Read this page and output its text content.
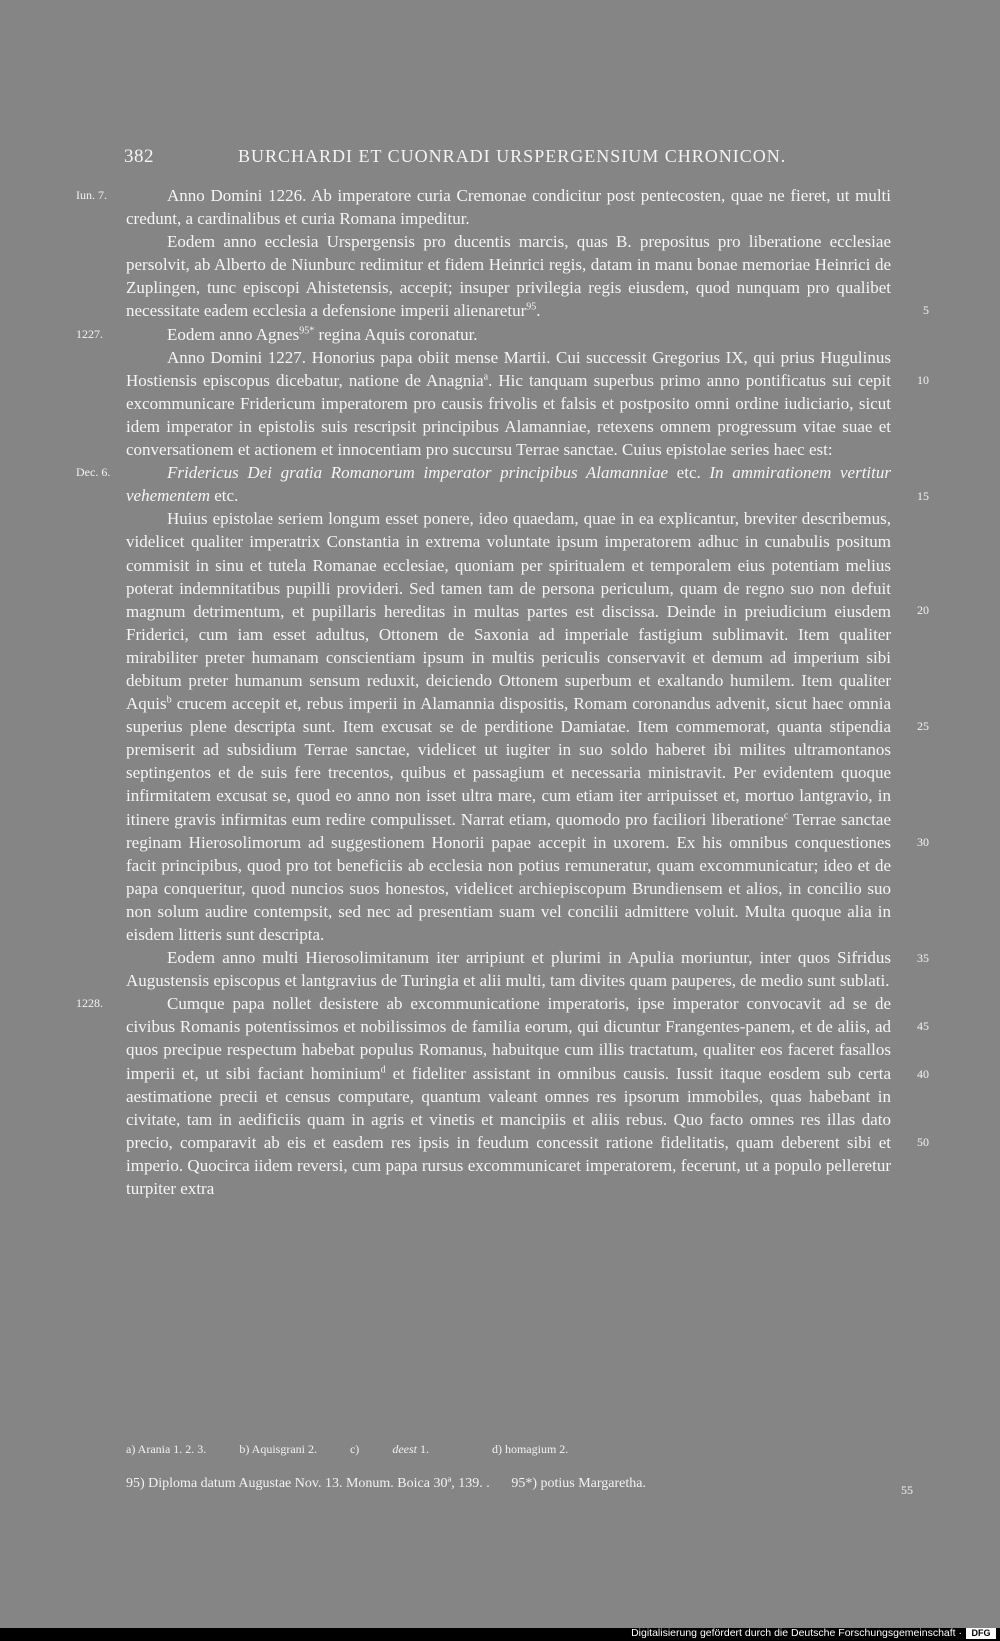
382	BURCHARDI ET CUONRADI URSPERGENSIUM CHRONICON.

Iun. 7.	Anno Domini 1226. Ab imperatore curia Cremonae condicitur post pentecosten, quae ne fieret, ut multi credunt, a cardinalibus et curia Romana impeditur.

Eodem anno ecclesia Urspergensis pro ducentis marcis, quas B. prepositus pro liberatione ecclesiae persolvit, ab Alberto de Niunburc redimitur et fidem Heinrici regis, datam in manu bonae memoriae Heinrici de Zuplingen, tunc episcopi Ahistetensis, accepit;
5
insuper privilegia regis eiusdem, quod nunquam pro qualibet necessitate eadem ecclesia a defensione imperii alienaretur$^{95}$.

1227.	Eodem anno Agnes$^{95*}$ regina Aquis coronatur.

10
15
Anno Domini 1227. Honorius papa obiit mense Martii. Cui successit Gregorius IX, qui prius Hugulinus Hostiensis episcopus dicebatur, natione de Anagnia$^a$. Hic tanquam superbus primo anno pontificatus sui cepit excommunicare Fridericum imperatorem pro causis frivolis et falsis et postposito omni ordine iudiciario, sicut idem imperator in epistolis suis rescripsit principibus Alamanniae, retexens omnem progressum vitae suae et conversationem et actionem et innocentiam pro succursu Terrae sanctae. Cuius epistolae series haec est:

Dec. 6.	Fridericus Dei gratia Romanorum imperator principibus Alamanniae etc. In ammirationem vertitur vehementem etc.

20
25
30
35
40
Huius epistolae seriem longum esset ponere, ideo quaedam, quae in ea explicantur, breviter describemus, videlicet qualiter imperatrix Constantia in extrema voluntate ipsum imperatorem adhuc in cunabulis positum commisit in sinu et tutela Romanae ecclesiae, quoniam per spiritualem et temporalem eius potentiam melius poterat indemnitatibus pupilli provideri. Sed tamen tam de persona periculum, quam de regno suo non defuit magnum detrimentum, et pupillaris hereditas in multas partes est discissa. Deinde in preiudicium eiusdem Friderici, cum iam esset adultus, Ottonem de Saxonia ad imperiale fastigium sublimavit. Item qualiter mirabiliter preter humanam conscientiam ipsum in multis periculis conservavit et demum ad imperium sibi debitum preter humanum sensum reduxit, deiciendo Ottonem superbum et exaltando humilem. Item qualiter Aquis$^b$ crucem accepit et, rebus imperii in Alamannia dispositis, Romam coronandus advenit, sicut haec omnia superius plene descripta sunt. Item excusat se de perditione Damiatae. Item commemorat, quanta stipendia premiserit ad subsidium Terrae sanctae, videlicet ut iugiter in suo soldo haberet ibi milites ultramontanos septingentos et de suis fere trecentos, quibus et passagium et necessaria ministravit. Per evidentem quoque infirmitatem excusat se, quod eo anno non isset ultra mare, cum etiam iter arripuisset et, mortuo lantgravio, in itinere gravis infirmitas eum redire compulisset. Narrat etiam, quomodo pro faciliori liberatione$^c$ Terrae sanctae reginam Hierosolimorum ad suggestionem Honorii papae accepit in uxorem. Ex his omnibus conquestiones facit principibus, quod pro tot beneficiis ab ecclesia non potius remuneratur, quam excommunicatur; ideo et de papa conqueritur, quod nuncios suos honestos, videlicet archiepiscopum Brundiensem et alios, in concilio suo non solum audire contempsit, sed nec ad presentiam suam vel concilii admittere voluit. Multa quoque alia in eisdem litteris sunt descripta.

Eodem anno multi Hierosolimitanum iter arripiunt et plurimi in Apulia moriuntur, inter quos Sifridus Augustensis episcopus et lantgravius de Turingia et alii multi, tam divites quam pauperes, de medio sunt sublati.

1228.
45
50
Cumque papa nollet desistere ab excommunicatione imperatoris, ipse imperator convocavit ad se de civibus Romanis potentissimos et nobilissimos de familia eorum, qui dicuntur Frangentes-panem, et de aliis, ad quos precipue respectum habebat populus Romanus, habuitque cum illis tractatum, qualiter eos faceret fasallos imperii et, ut sibi faciant hominium$^d$ et fideliter assistant in omnibus causis. Iussit itaque eosdem sub certa aestimatione precii et census computare, quantum valeant omnes res ipsorum immobiles, quas habebant in civitate, tam in aedificiis quam in agris et vinetis et mancipiis et aliis rebus. Quo facto omnes res illas dato precio, comparavit ab eis et easdem res ipsis in feudum concessit ratione fidelitatis, quam deberent sibi et imperio. Quocirca iidem reversi, cum papa rursus excommunicaret imperatorem, fecerunt, ut a populo pelleretur turpiter extra

a) Arania 1. 2. 3.	b) Aquisgrani 2.	c)	deest 1.	d) homagium 2.
95) Diploma datum Augustae Nov. 13. Monum. Boica 30ª, 139. . 95*) potius Margaretha.	55
Digitalisierung gefördert durch die Deutsche Forschungsgemeinschaft ·	DFG
